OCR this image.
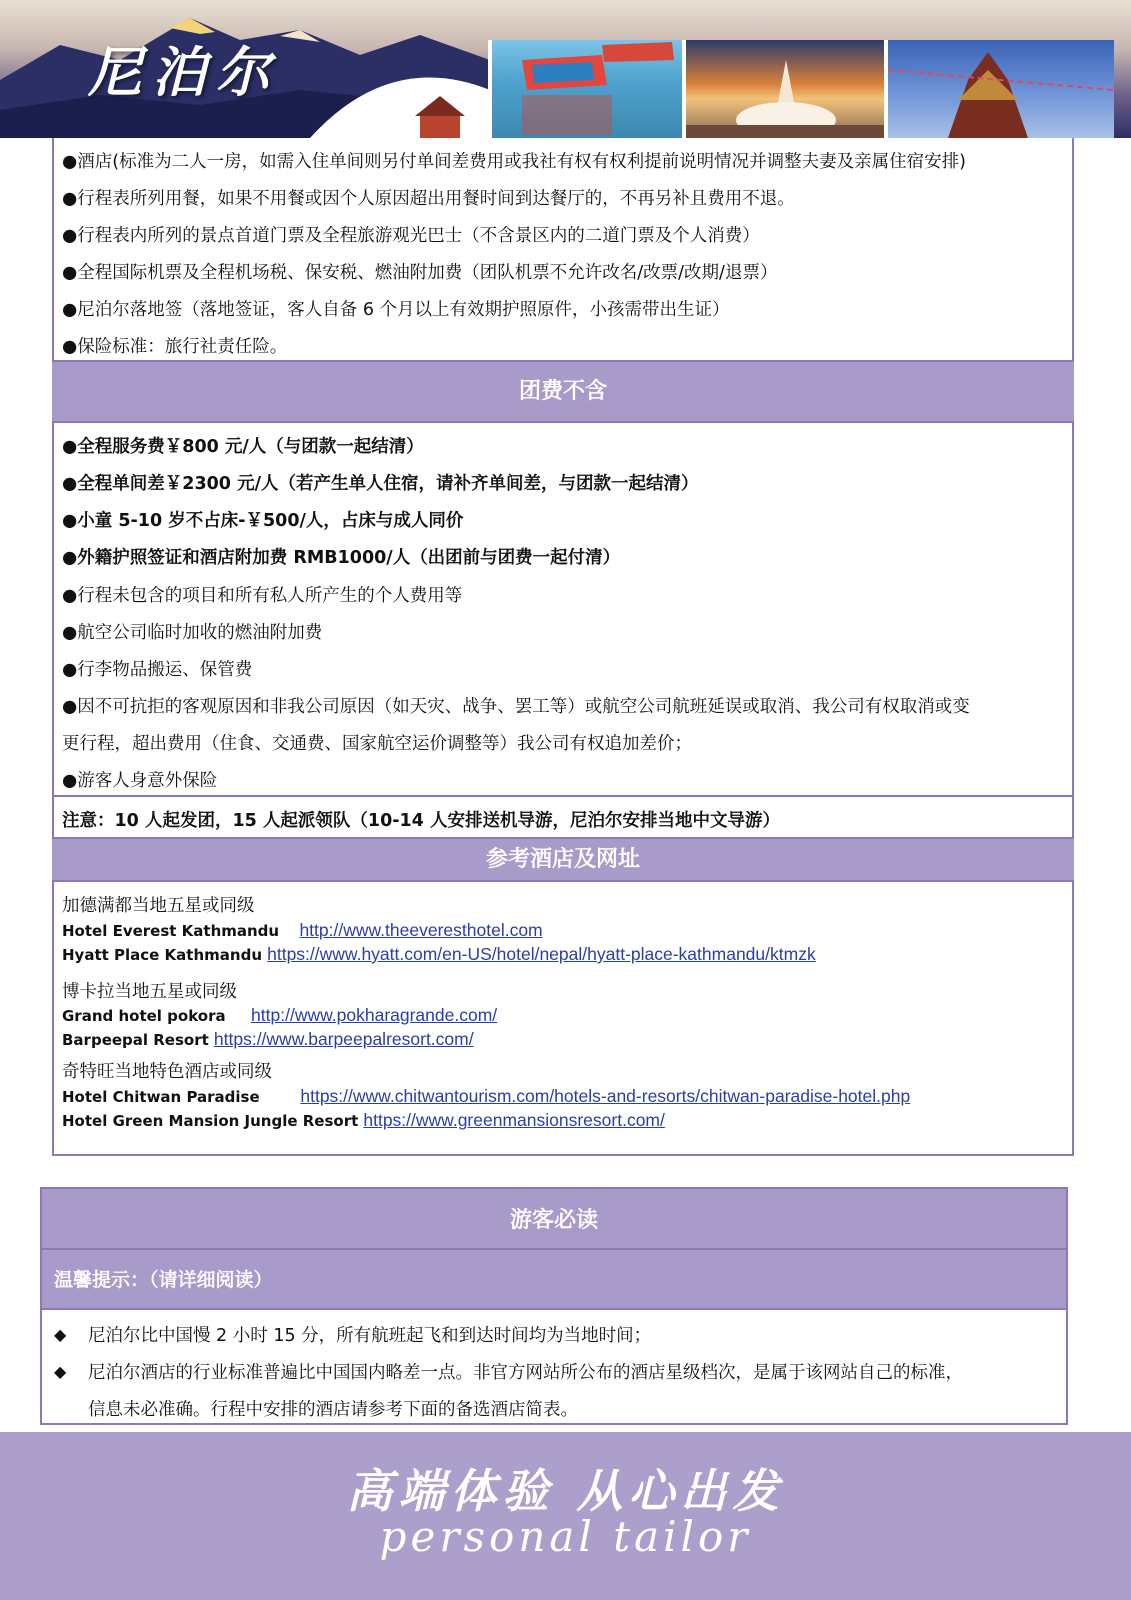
尼泊尔
●酒店(标准为二人一房，如需入住单间则另付单间差费用或我社有权有权利提前说明情况并调整夫妻及亲属住宿安排)
●行程表所列用餐，如果不用餐或因个人原因超出用餐时间到达餐厅的，不再另补且费用不退。
●行程表内所列的景点首道门票及全程旅游观光巴士（不含景区内的二道门票及个人消费）
●全程国际机票及全程机场税、保安税、燃油附加费（团队机票不允许改名/改票/改期/退票）
●尼泊尔落地签（落地签证，客人自备 6 个月以上有效期护照原件，小孩需带出生证）
●保险标准：旅行社责任险。
团费不含
●全程服务费￥800 元/人（与团款一起结清）
●全程单间差￥2300 元/人（若产生单人住宿，请补齐单间差，与团款一起结清）
●小童 5-10 岁不占床-￥500/人，占床与成人同价
●外籍护照签证和酒店附加费 RMB1000/人（出团前与团费一起付清）
●行程未包含的项目和所有私人所产生的个人费用等
●航空公司临时加收的燃油附加费
●行李物品搬运、保管费
●因不可抗拒的客观原因和非我公司原因（如天灾、战争、罢工等）或航空公司航班延误或取消、我公司有权取消或变
更行程，超出费用（住食、交通费、国家航空运价调整等）我公司有权追加差价；
●游客人身意外保险
注意：10 人起发团，15 人起派领队（10-14 人安排送机导游，尼泊尔安排当地中文导游）
参考酒店及网址
加德满都当地五星或同级
Hotel Everest Kathmandu http://www.theeveresthotel.com
Hyatt Place Kathmandu https://www.hyatt.com/en-US/hotel/nepal/hyatt-place-kathmandu/ktmzk
博卡拉当地五星或同级
Grand hotel pokora http://www.pokharagrande.com/
Barpeepal Resort https://www.barpeepalresort.com/
奇特旺当地特色酒店或同级
Hotel Chitwan Paradise https://www.chitwantourism.com/hotels-and-resorts/chitwan-paradise-hotel.php
Hotel Green Mansion Jungle Resort https://www.greenmansionsresort.com/
游客必读
温馨提示：（请详细阅读）
◆ 尼泊尔比中国慢 2 小时 15 分，所有航班起飞和到达时间均为当地时间；
◆ 尼泊尔酒店的行业标准普遍比中国国内略差一点。非官方网站所公布的酒店星级档次，是属于该网站自己的标准，
信息未必准确。行程中安排的酒店请参考下面的备选酒店简表。
高端体验 从心出发
personal tailor
